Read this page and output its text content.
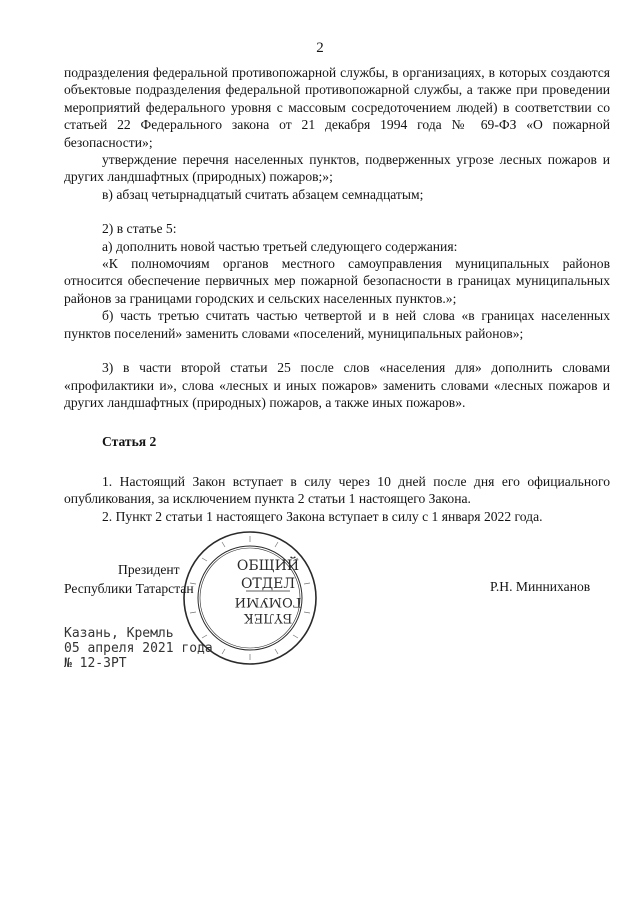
2

подразделения федеральной противопожарной службы, в организациях, в которых создаются объектовые подразделения федеральной противопожарной службы, а также при проведении мероприятий федерального уровня с массовым сосредоточением людей) в соответствии со статьей 22 Федерального закона от 21 декабря 1994 года № 69-ФЗ «О пожарной безопасности»;

утверждение перечня населенных пунктов, подверженных угрозе лесных пожаров и других ландшафтных (природных) пожаров;»;

в) абзац четырнадцатый считать абзацем семнадцатым;

2) в статье 5:

а) дополнить новой частью третьей следующего содержания:

«К полномочиям органов местного самоуправления муниципальных районов относится обеспечение первичных мер пожарной безопасности в границах муниципальных районов за границами городских и сельских населенных пунктов.»;

б) часть третью считать частью четвертой и в ней слова «в границах населенных пунктов поселений» заменить словами «поселений, муниципальных районов»;

3) в части второй статьи 25 после слов «населения для» дополнить словами «профилактики и», слова «лесных и иных пожаров» заменить словами «лесных пожаров и других ландшафтных (природных) пожаров, а также иных пожаров».

Статья 2

1. Настоящий Закон вступает в силу через 10 дней после дня его официального опубликования, за исключением пункта 2 статьи 1 настоящего Закона.

2. Пункт 2 статьи 1 настоящего Закона вступает в силу с 1 января 2022 года.

ОБЩИЙ
ОТДЕЛ
БҮЛЕК
ГОМУМИ
Президент
Республики Татарстан	Р.Н. Минниханов
Казань, Кремль
05 апреля 2021 года
№ 12-ЗРТ
